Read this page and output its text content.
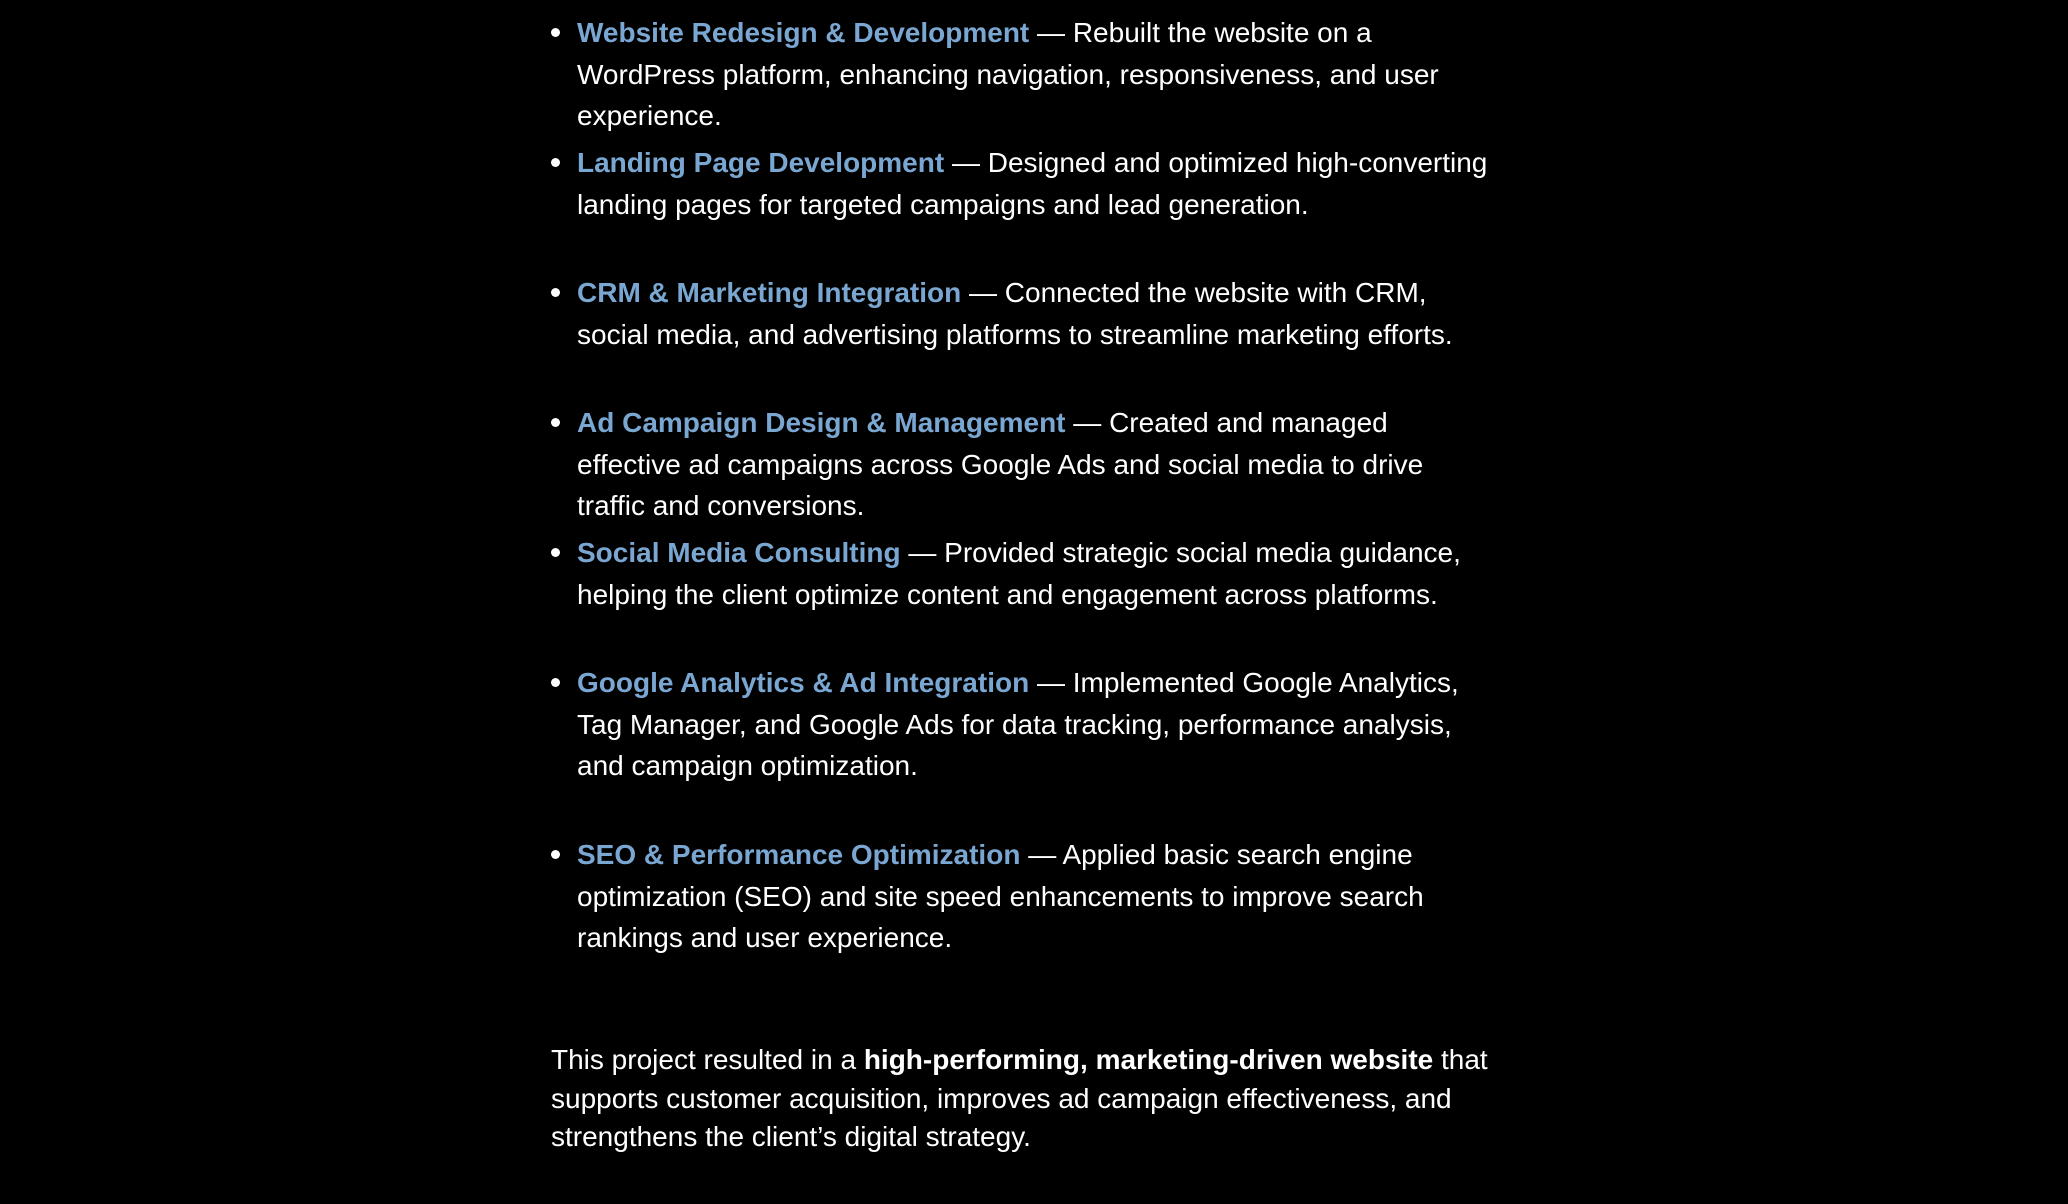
Website Redesign & Development — Rebuilt the website on a WordPress platform, enhancing navigation, responsiveness, and user experience.
Landing Page Development — Designed and optimized high-converting landing pages for targeted campaigns and lead generation.
CRM & Marketing Integration — Connected the website with CRM, social media, and advertising platforms to streamline marketing efforts.
Ad Campaign Design & Management — Created and managed effective ad campaigns across Google Ads and social media to drive traffic and conversions.
Social Media Consulting — Provided strategic social media guidance, helping the client optimize content and engagement across platforms.
Google Analytics & Ad Integration — Implemented Google Analytics, Tag Manager, and Google Ads for data tracking, performance analysis, and campaign optimization.
SEO & Performance Optimization — Applied basic search engine optimization (SEO) and site speed enhancements to improve search rankings and user experience.

This project resulted in a high-performing, marketing-driven website that supports customer acquisition, improves ad campaign effectiveness, and strengthens the client’s digital strategy.
